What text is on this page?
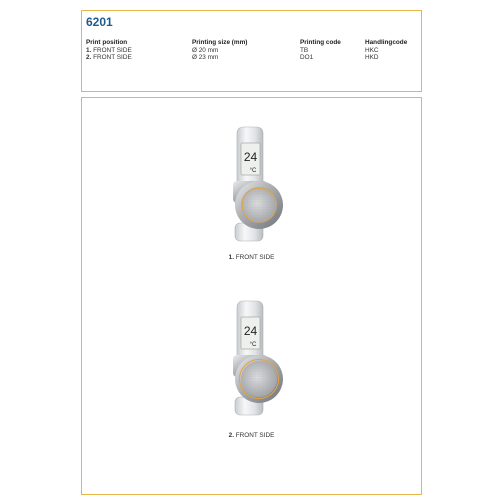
6201
Print position
1. FRONT SIDE
2. FRONT SIDE
Printing size (mm)
Ø 20 mm
Ø 23 mm
Printing code
TB
DO1
Handlingcode
HKC
HKD
24
°C
1. FRONT SIDE
24
°C
2. FRONT SIDE
